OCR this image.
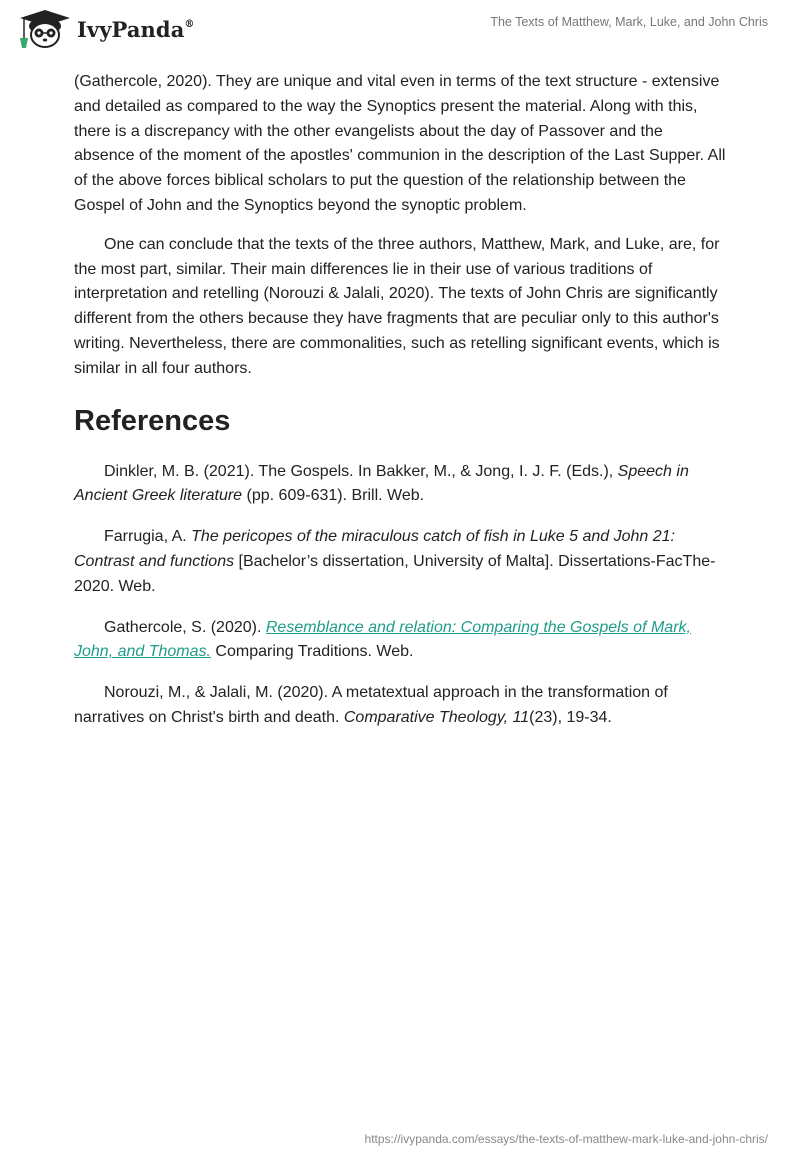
IvyPanda®	The Texts of Matthew, Mark, Luke, and John Chris

(Gathercole, 2020). They are unique and vital even in terms of the text structure - extensive and detailed as compared to the way the Synoptics present the material. Along with this, there is a discrepancy with the other evangelists about the day of Passover and the absence of the moment of the apostles' communion in the description of the Last Supper. All of the above forces biblical scholars to put the question of the relationship between the Gospel of John and the Synoptics beyond the synoptic problem.

One can conclude that the texts of the three authors, Matthew, Mark, and Luke, are, for the most part, similar. Their main differences lie in their use of various traditions of interpretation and retelling (Norouzi & Jalali, 2020). The texts of John Chris are significantly different from the others because they have fragments that are peculiar only to this author's writing. Nevertheless, there are commonalities, such as retelling significant events, which is similar in all four authors.

References

Dinkler, M. B. (2021). The Gospels. In Bakker, M., & Jong, I. J. F. (Eds.), Speech in Ancient Greek literature (pp. 609-631). Brill. Web.

Farrugia, A. The pericopes of the miraculous catch of fish in Luke 5 and John 21: Contrast and functions [Bachelor’s dissertation, University of Malta]. Dissertations-FacThe-2020. Web.

Gathercole, S. (2020). Resemblance and relation: Comparing the Gospels of Mark, John, and Thomas. Comparing Traditions. Web.

Norouzi, M., & Jalali, M. (2020). A metatextual approach in the transformation of narratives on Christ's birth and death. Comparative Theology, 11(23), 19-34.

https://ivypanda.com/essays/the-texts-of-matthew-mark-luke-and-john-chris/
